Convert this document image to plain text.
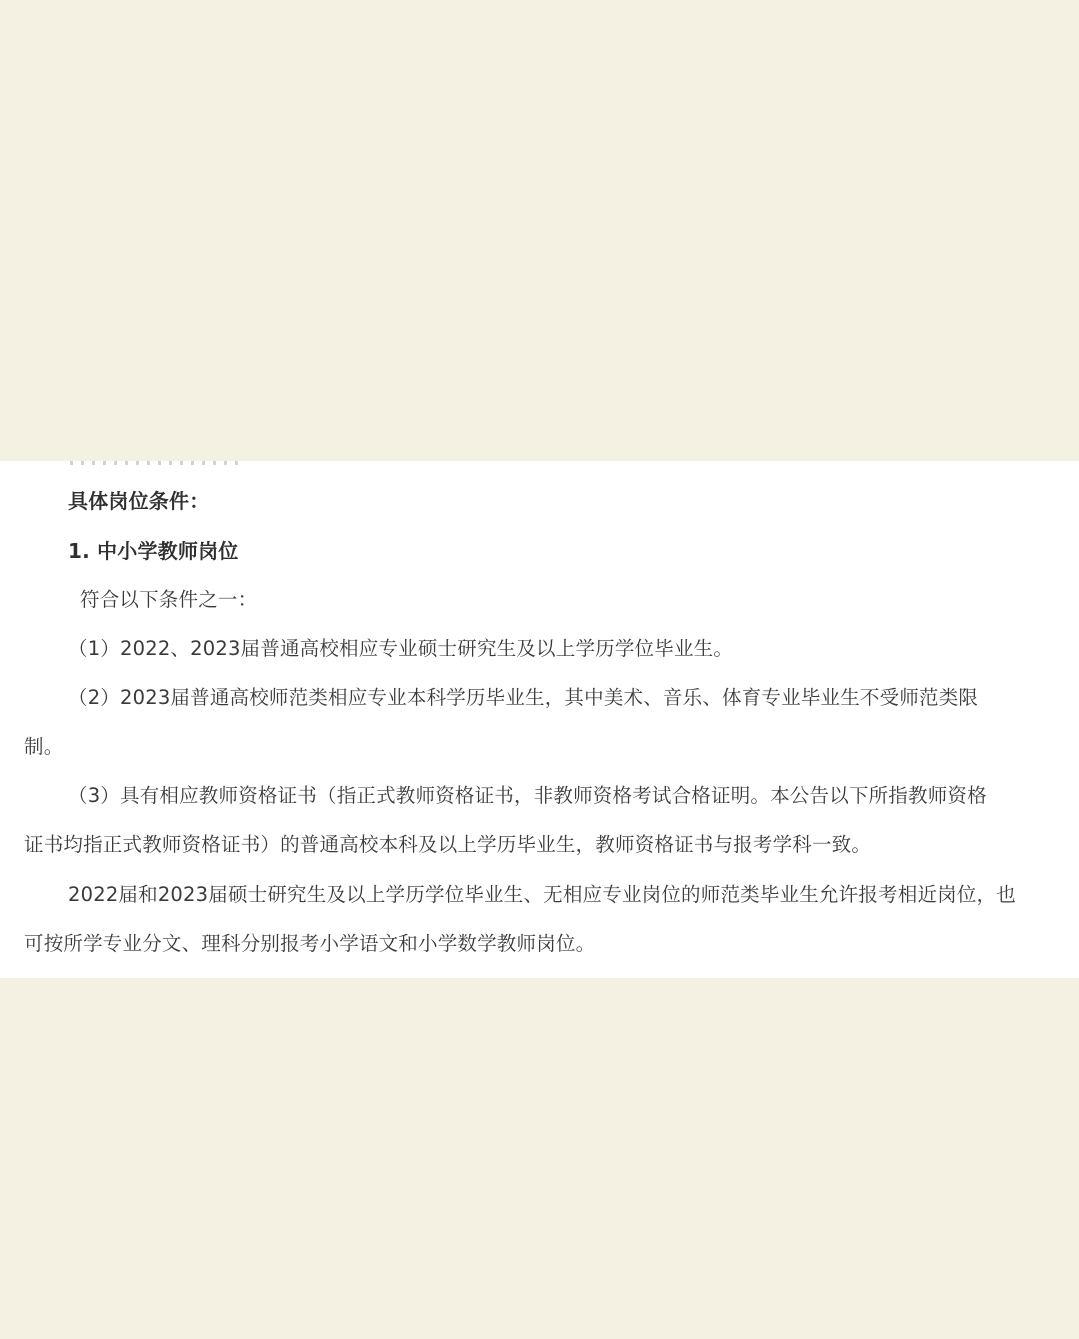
具体岗位条件：
1. 中小学教师岗位
符合以下条件之一：
（1）2022、2023届普通高校相应专业硕士研究生及以上学历学位毕业生。
（2）2023届普通高校师范类相应专业本科学历毕业生，其中美术、音乐、体育专业毕业生不受师范类限
制。
（3）具有相应教师资格证书（指正式教师资格证书，非教师资格考试合格证明。本公告以下所指教师资格
证书均指正式教师资格证书）的普通高校本科及以上学历毕业生，教师资格证书与报考学科一致。
2022届和2023届硕士研究生及以上学历学位毕业生、无相应专业岗位的师范类毕业生允许报考相近岗位，也
可按所学专业分文、理科分别报考小学语文和小学数学教师岗位。
